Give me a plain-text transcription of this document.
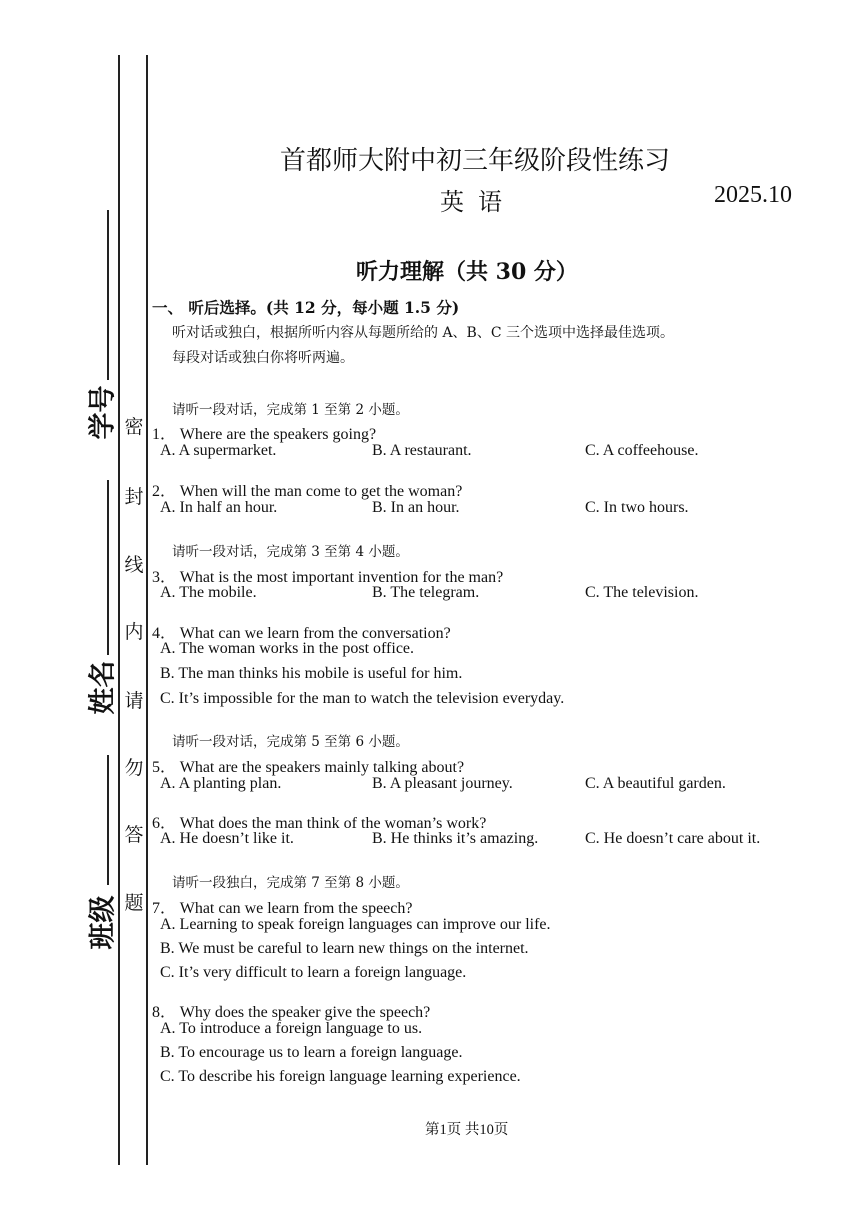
学号
姓名
班级
密
封
线
内
请
勿
答
题
首都师大附中初三年级阶段性练习
英语	2025.10
听力理解（共 30 分）
一、 听后选择。(共 12 分，每小题 1.5 分)
听对话或独白，根据所听内容从每题所给的 A、B、C 三个选项中选择最佳选项。
每段对话或独白你将听两遍。
请听一段对话，完成第 1 至第 2 小题。
1． Where are the speakers going?
A. A supermarket.	B. A restaurant.	C. A coffeehouse.
2． When will the man come to get the woman?
A. In half an hour.	B. In an hour.	C. In two hours.
请听一段对话，完成第 3 至第 4 小题。
3． What is the most important invention for the man?
A. The mobile.	B. The telegram.	C. The television.
4． What can we learn from the conversation?
A. The woman works in the post office.
B. The man thinks his mobile is useful for him.
C. It’s impossible for the man to watch the television everyday.
请听一段对话，完成第 5 至第 6 小题。
5． What are the speakers mainly talking about?
A. A planting plan.	B. A pleasant journey.	C. A beautiful garden.
6． What does the man think of the woman’s work?
A. He doesn’t like it.	B. He thinks it’s amazing.	C. He doesn’t care about it.
请听一段独白，完成第 7 至第 8 小题。
7． What can we learn from the speech?
A. Learning to speak foreign languages can improve our life.
B. We must be careful to learn new things on the internet.
C. It’s very difficult to learn a foreign language.
8． Why does the speaker give the speech?
A. To introduce a foreign language to us.
B. To encourage us to learn a foreign language.
C. To describe his foreign language learning experience.
第1页 共10页
